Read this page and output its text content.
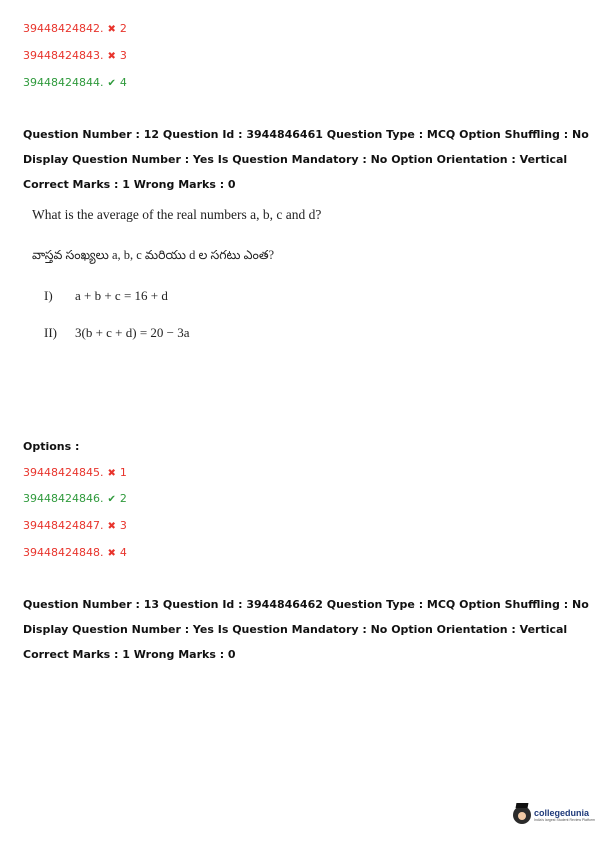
39448424842. ✖ 2
39448424843. ✖ 3
39448424844. ✔ 4
Question Number : 12 Question Id : 3944846461 Question Type : MCQ Option Shuffling : No
Display Question Number : Yes Is Question Mandatory : No Option Orientation : Vertical
Correct Marks : 1 Wrong Marks : 0
What is the average of the real numbers a, b, c and d?
వాస్తవ సంఖ్యలు a, b, c మరియు d ల సగటు ఎంత?
I) a + b + c = 16 + d
II) 3(b + c + d) = 20 − 3a
Options :
39448424845. ✖ 1
39448424846. ✔ 2
39448424847. ✖ 3
39448424848. ✖ 4
Question Number : 13 Question Id : 3944846462 Question Type : MCQ Option Shuffling : No
Display Question Number : Yes Is Question Mandatory : No Option Orientation : Vertical
Correct Marks : 1 Wrong Marks : 0
collegedunia
India's largest Student Review Platform
